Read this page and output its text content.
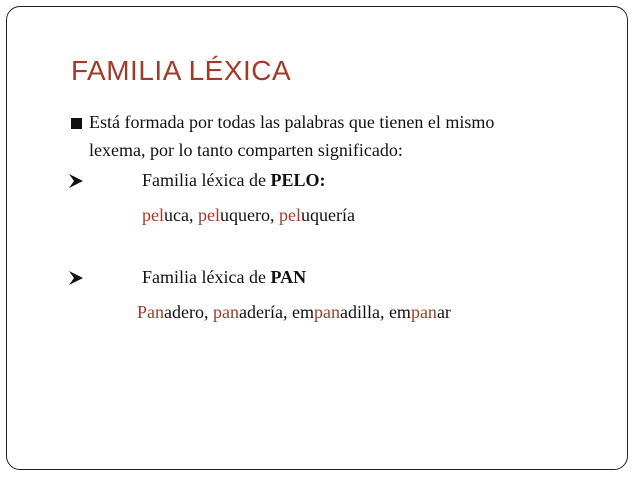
FAMILIA LÉXICA
Está formada por todas las palabras que tienen el mismo
lexema, por lo tanto comparten significado:
Familia léxica de PELO:
peluca, peluquero, peluquería
Familia léxica de PAN
Panadero, panadería, empanadilla, empanar
